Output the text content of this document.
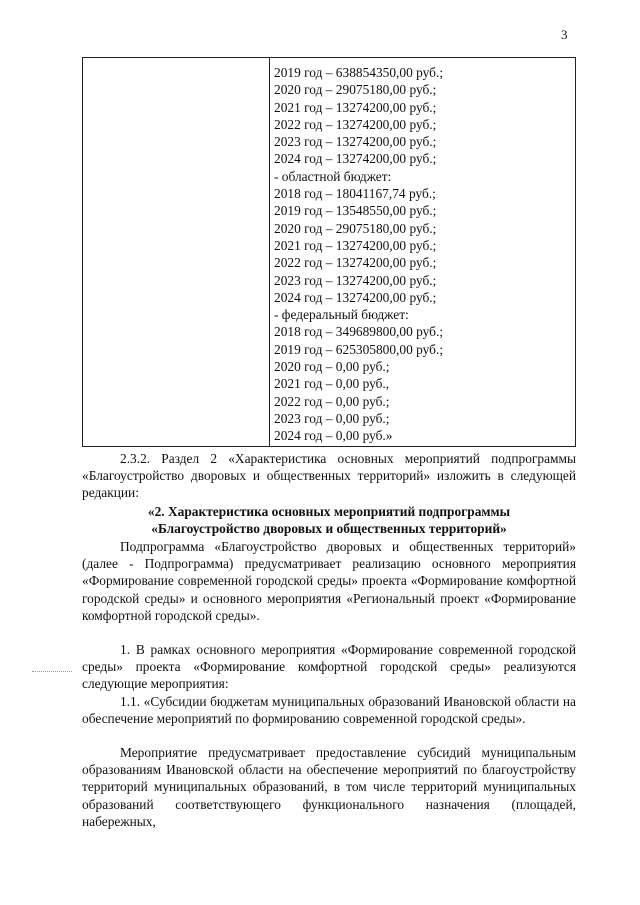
3
2019 год – 638854350,00 руб.;
2020 год – 29075180,00 руб.;
2021 год – 13274200,00 руб.;
2022 год – 13274200,00 руб.;
2023 год – 13274200,00 руб.;
2024 год – 13274200,00 руб.;
- областной бюджет:
2018 год – 18041167,74 руб.;
2019 год – 13548550,00 руб.;
2020 год – 29075180,00 руб.;
2021 год – 13274200,00 руб.;
2022 год – 13274200,00 руб.;
2023 год – 13274200,00 руб.;
2024 год – 13274200,00 руб.;
- федеральный бюджет:
2018 год – 349689800,00 руб.;
2019 год – 625305800,00 руб.;
2020 год – 0,00 руб.;
2021 год – 0,00 руб.,
2022 год – 0,00 руб.;
2023 год – 0,00 руб.;
2024 год – 0,00 руб.»
2.3.2. Раздел 2 «Характеристика основных мероприятий подпрограммы «Благоустройство дворовых и общественных территорий» изложить в следующей редакции:
«2. Характеристика основных мероприятий подпрограммы
«Благоустройство дворовых и общественных территорий»
Подпрограмма «Благоустройство дворовых и общественных территорий» (далее - Подпрограмма) предусматривает реализацию основного мероприятия «Формирование современной городской среды» проекта «Формирование комфортной городской среды» и основного мероприятия «Региональный проект «Формирование комфортной городской среды».
1. В рамках основного мероприятия «Формирование современной городской среды» проекта «Формирование комфортной городской среды» реализуются следующие мероприятия:
1.1. «Субсидии бюджетам муниципальных образований Ивановской области на обеспечение мероприятий по формированию современной городской среды».
Мероприятие предусматривает предоставление субсидий муниципальным образованиям Ивановской области на обеспечение мероприятий по благоустройству территорий муниципальных образований, в том числе территорий муниципальных образований соответствующего функционального назначения (площадей, набережных,
